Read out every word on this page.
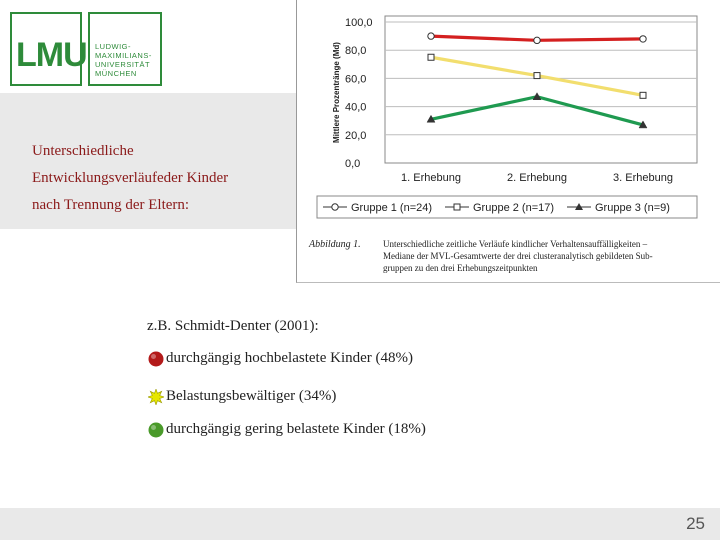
LMU LUDWIG-
MAXIMILIANS-
UNIVERSITÄT
MÜNCHEN
Unterschiedliche
Entwicklungsverläufeder Kinder
nach Trennung der Eltern:
0,0
20,0
40,0
60,0
80,0
100,0
Mittlere Prozentränge (Md)
1. Erhebung	2. Erhebung	3. Erhebung
Gruppe 1 (n=24)	Gruppe 2 (n=17)	Gruppe 3 (n=9)
Abbildung 1. Unterschiedliche zeitliche Verläufe kindlicher Verhaltensauffälligkeiten –
Mediane der MVL-Gesamtwerte der drei clusteranalytisch gebildeten Sub-
gruppen zu den drei Erhebungszeitpunkten
z.B. Schmidt-Denter (2001):
durchgängig hochbelastete Kinder (48%)
Belastungsbewältiger (34%)
durchgängig gering belastete Kinder (18%)
25
